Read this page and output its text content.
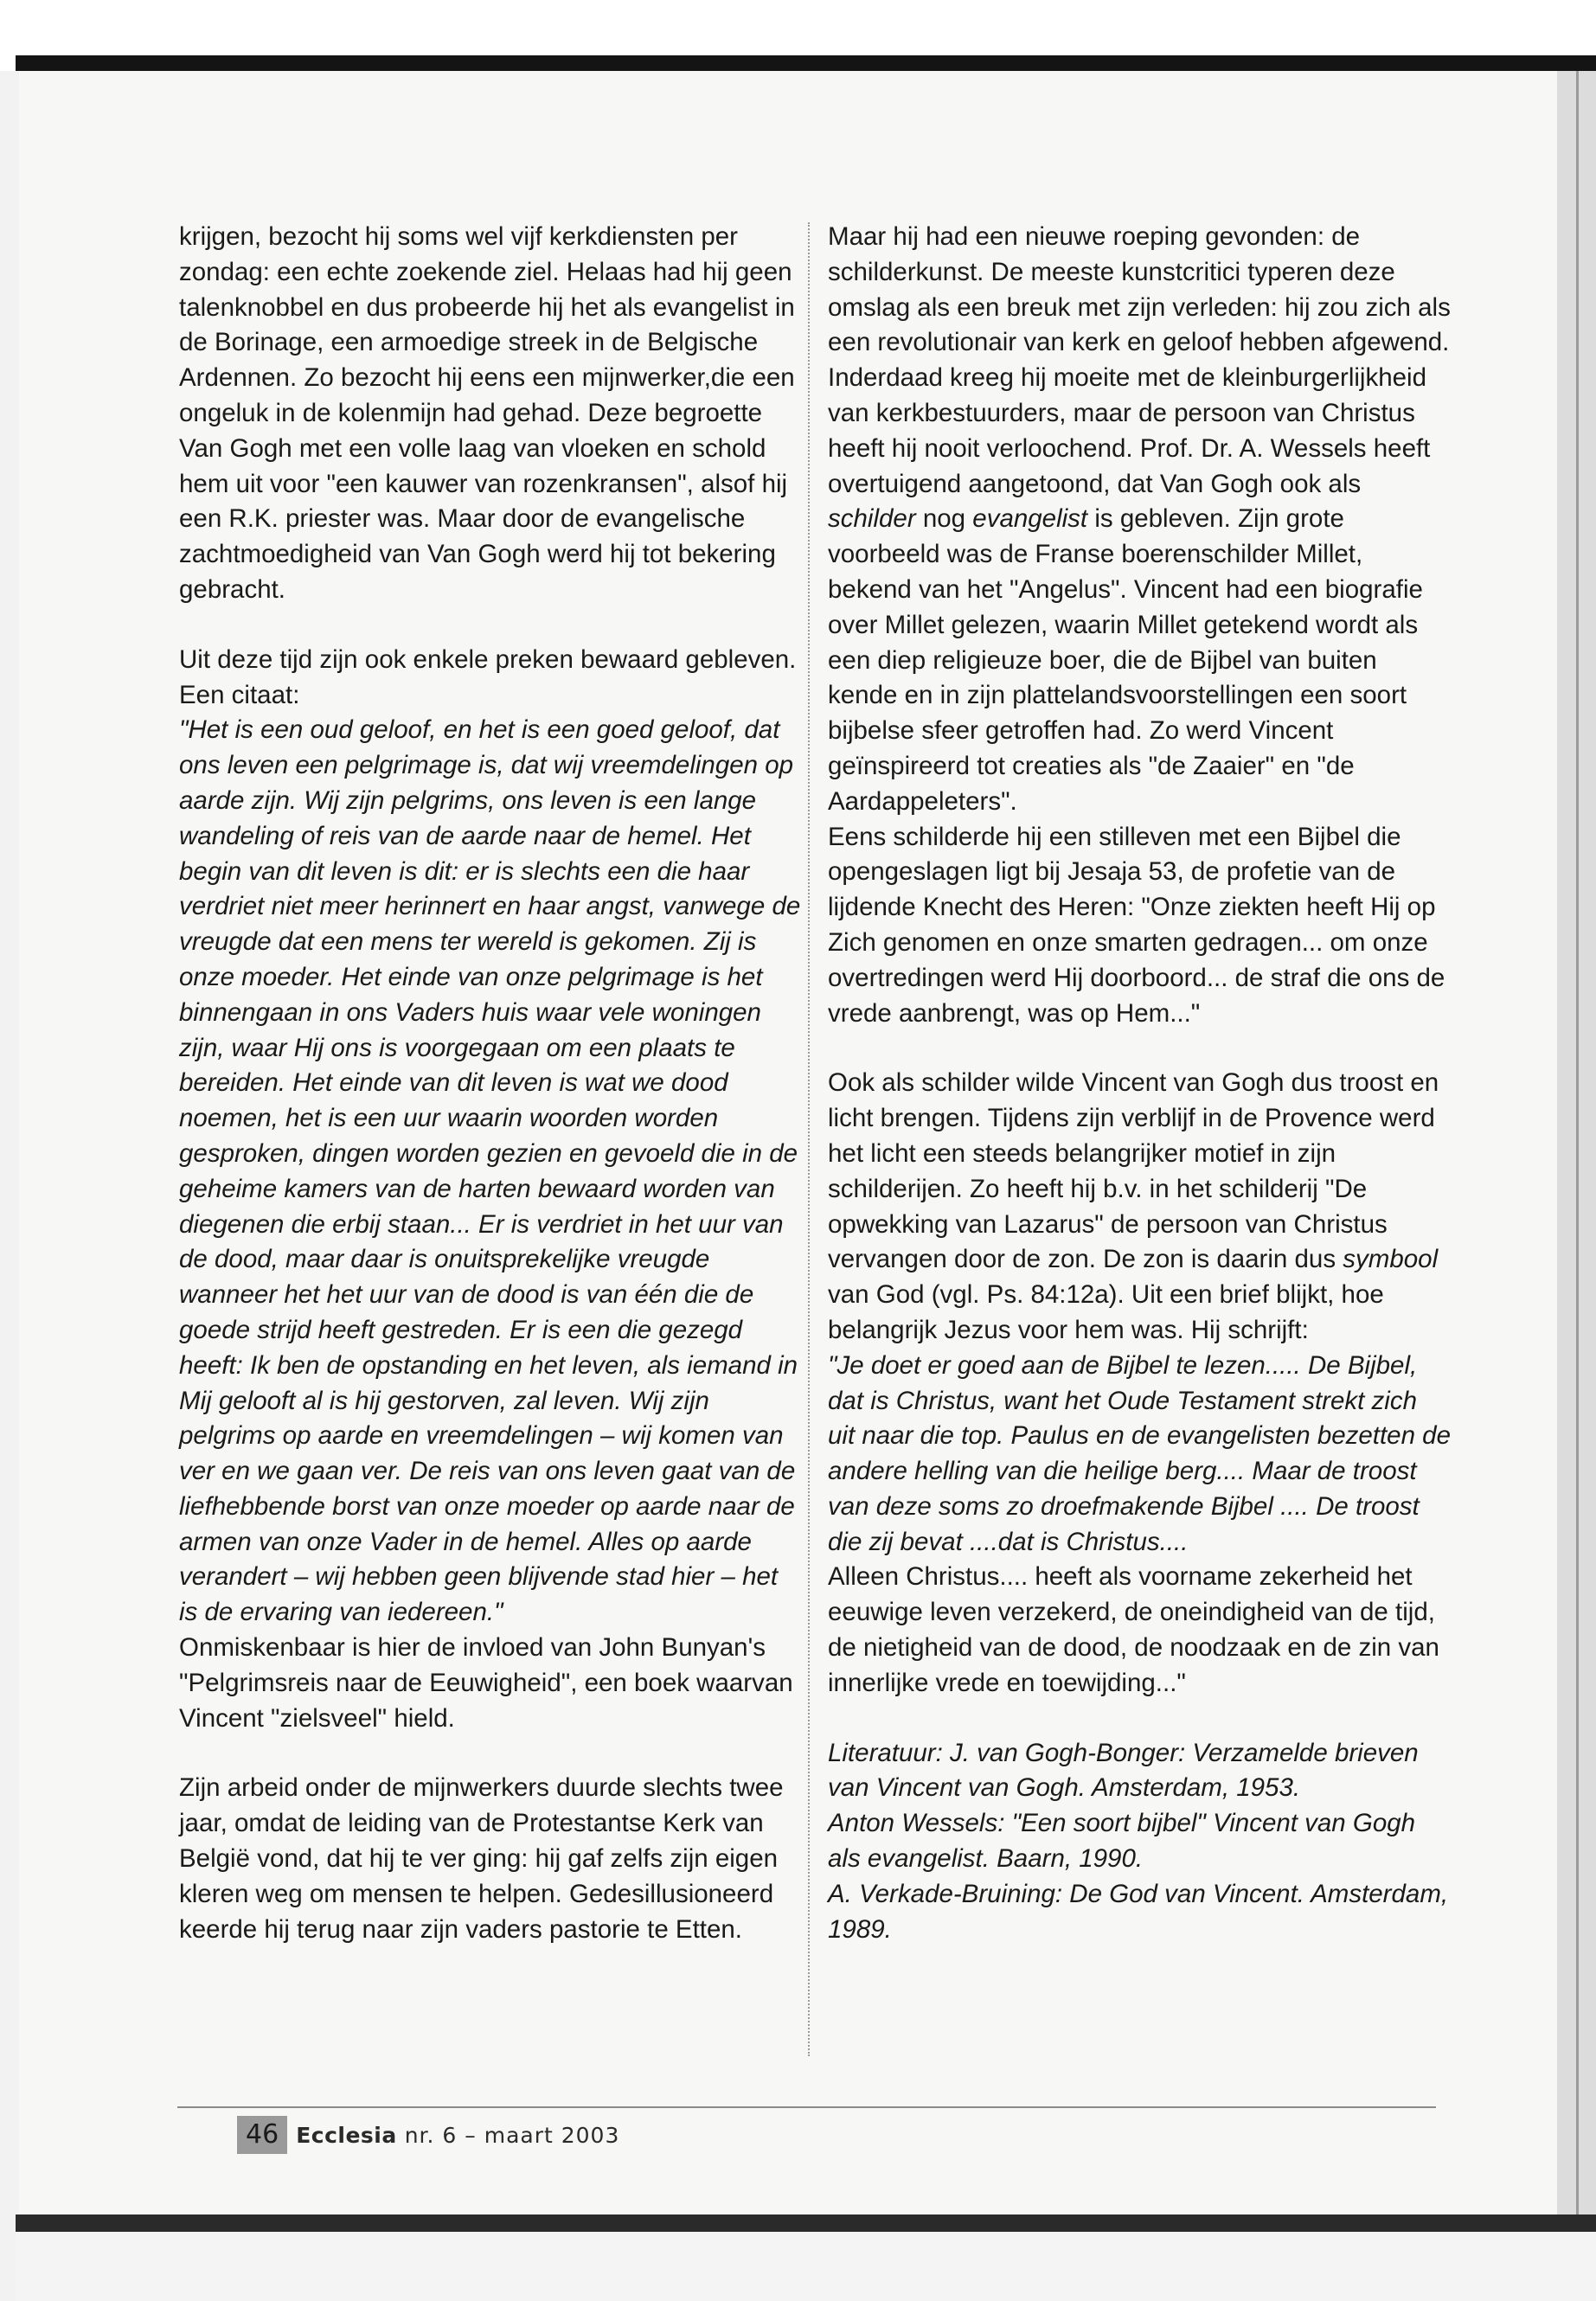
krijgen, bezocht hij soms wel vijf kerkdiensten per zondag: een echte zoekende ziel. Helaas had hij geen talenknobbel en dus probeerde hij het als evangelist in de Borinage, een armoedige streek in de Belgische Ardennen. Zo bezocht hij eens een mijnwerker,die een ongeluk in de kolenmijn had gehad. Deze begroette Van Gogh met een volle laag van vloeken en schold hem uit voor "een kauwer van rozenkransen", alsof hij een R.K. priester was. Maar door de evangelische zachtmoedigheid van Van Gogh werd hij tot bekering gebracht.

Uit deze tijd zijn ook enkele preken bewaard gebleven. Een citaat:
"Het is een oud geloof, en het is een goed geloof, dat ons leven een pelgrimage is, dat wij vreemdelingen op aarde zijn. Wij zijn pelgrims, ons leven is een lange wandeling of reis van de aarde naar de hemel. Het begin van dit leven is dit: er is slechts een die haar verdriet niet meer herinnert en haar angst, vanwege de vreugde dat een mens ter wereld is gekomen. Zij is onze moeder. Het einde van onze pelgrimage is het binnengaan in ons Vaders huis waar vele woningen zijn, waar Hij ons is voorgegaan om een plaats te bereiden. Het einde van dit leven is wat we dood noemen, het is een uur waarin woorden worden gesproken, dingen worden gezien en gevoeld die in de geheime kamers van de harten bewaard worden van diegenen die erbij staan... Er is verdriet in het uur van de dood, maar daar is onuitsprekelijke vreugde wanneer het het uur van de dood is van één die de goede strijd heeft gestreden. Er is een die gezegd heeft: Ik ben de opstanding en het leven, als iemand in Mij gelooft al is hij gestorven, zal leven. Wij zijn pelgrims op aarde en vreemdelingen – wij komen van ver en we gaan ver. De reis van ons leven gaat van de liefhebbende borst van onze moeder op aarde naar de armen van onze Vader in de hemel. Alles op aarde verandert – wij hebben geen blijvende stad hier – het is de ervaring van iedereen."
Onmiskenbaar is hier de invloed van John Bunyan's "Pelgrimsreis naar de Eeuwigheid", een boek waarvan Vincent "zielsveel" hield.

Zijn arbeid onder de mijnwerkers duurde slechts twee jaar, omdat de leiding van de Protestantse Kerk van België vond, dat hij te ver ging: hij gaf zelfs zijn eigen kleren weg om mensen te helpen. Gedesillusioneerd keerde hij terug naar zijn vaders pastorie te Etten.

Maar hij had een nieuwe roeping gevonden: de schilderkunst. De meeste kunstcritici typeren deze omslag als een breuk met zijn verleden: hij zou zich als een revolutionair van kerk en geloof hebben afgewend. Inderdaad kreeg hij moeite met de kleinburgerlijkheid van kerkbestuurders, maar de persoon van Christus heeft hij nooit verloochend. Prof. Dr. A. Wessels heeft overtuigend aangetoond, dat Van Gogh ook als schilder nog evangelist is gebleven. Zijn grote voorbeeld was de Franse boerenschilder Millet, bekend van het "Angelus". Vincent had een biografie over Millet gelezen, waarin Millet getekend wordt als een diep religieuze boer, die de Bijbel van buiten kende en in zijn plattelandsvoorstellingen een soort bijbelse sfeer getroffen had. Zo werd Vincent geïnspireerd tot creaties als "de Zaaier" en "de Aardappeleters".
Eens schilderde hij een stilleven met een Bijbel die opengeslagen ligt bij Jesaja 53, de profetie van de lijdende Knecht des Heren: "Onze ziekten heeft Hij op Zich genomen en onze smarten gedragen... om onze overtredingen werd Hij doorboord... de straf die ons de vrede aanbrengt, was op Hem..."

Ook als schilder wilde Vincent van Gogh dus troost en licht brengen. Tijdens zijn verblijf in de Provence werd het licht een steeds belangrijker motief in zijn schilderijen. Zo heeft hij b.v. in het schilderij "De opwekking van Lazarus" de persoon van Christus vervangen door de zon. De zon is daarin dus symbool van God (vgl. Ps. 84:12a). Uit een brief blijkt, hoe belangrijk Jezus voor hem was. Hij schrijft:
"Je doet er goed aan de Bijbel te lezen..... De Bijbel, dat is Christus, want het Oude Testament strekt zich uit naar die top. Paulus en de evangelisten bezetten de andere helling van die heilige berg.... Maar de troost van deze soms zo droefmakende Bijbel .... De troost die zij bevat ....dat is Christus....
Alleen Christus.... heeft als voorname zekerheid het eeuwige leven verzekerd, de oneindigheid van de tijd, de nietigheid van de dood, de noodzaak en de zin van innerlijke vrede en toewijding..."

Literatuur: J. van Gogh-Bonger: Verzamelde brieven van Vincent van Gogh. Amsterdam, 1953.

Anton Wessels: "Een soort bijbel" Vincent van Gogh als evangelist. Baarn, 1990.

A. Verkade-Bruining: De God van Vincent. Amsterdam, 1989.

46 Ecclesia nr. 6 – maart 2003
